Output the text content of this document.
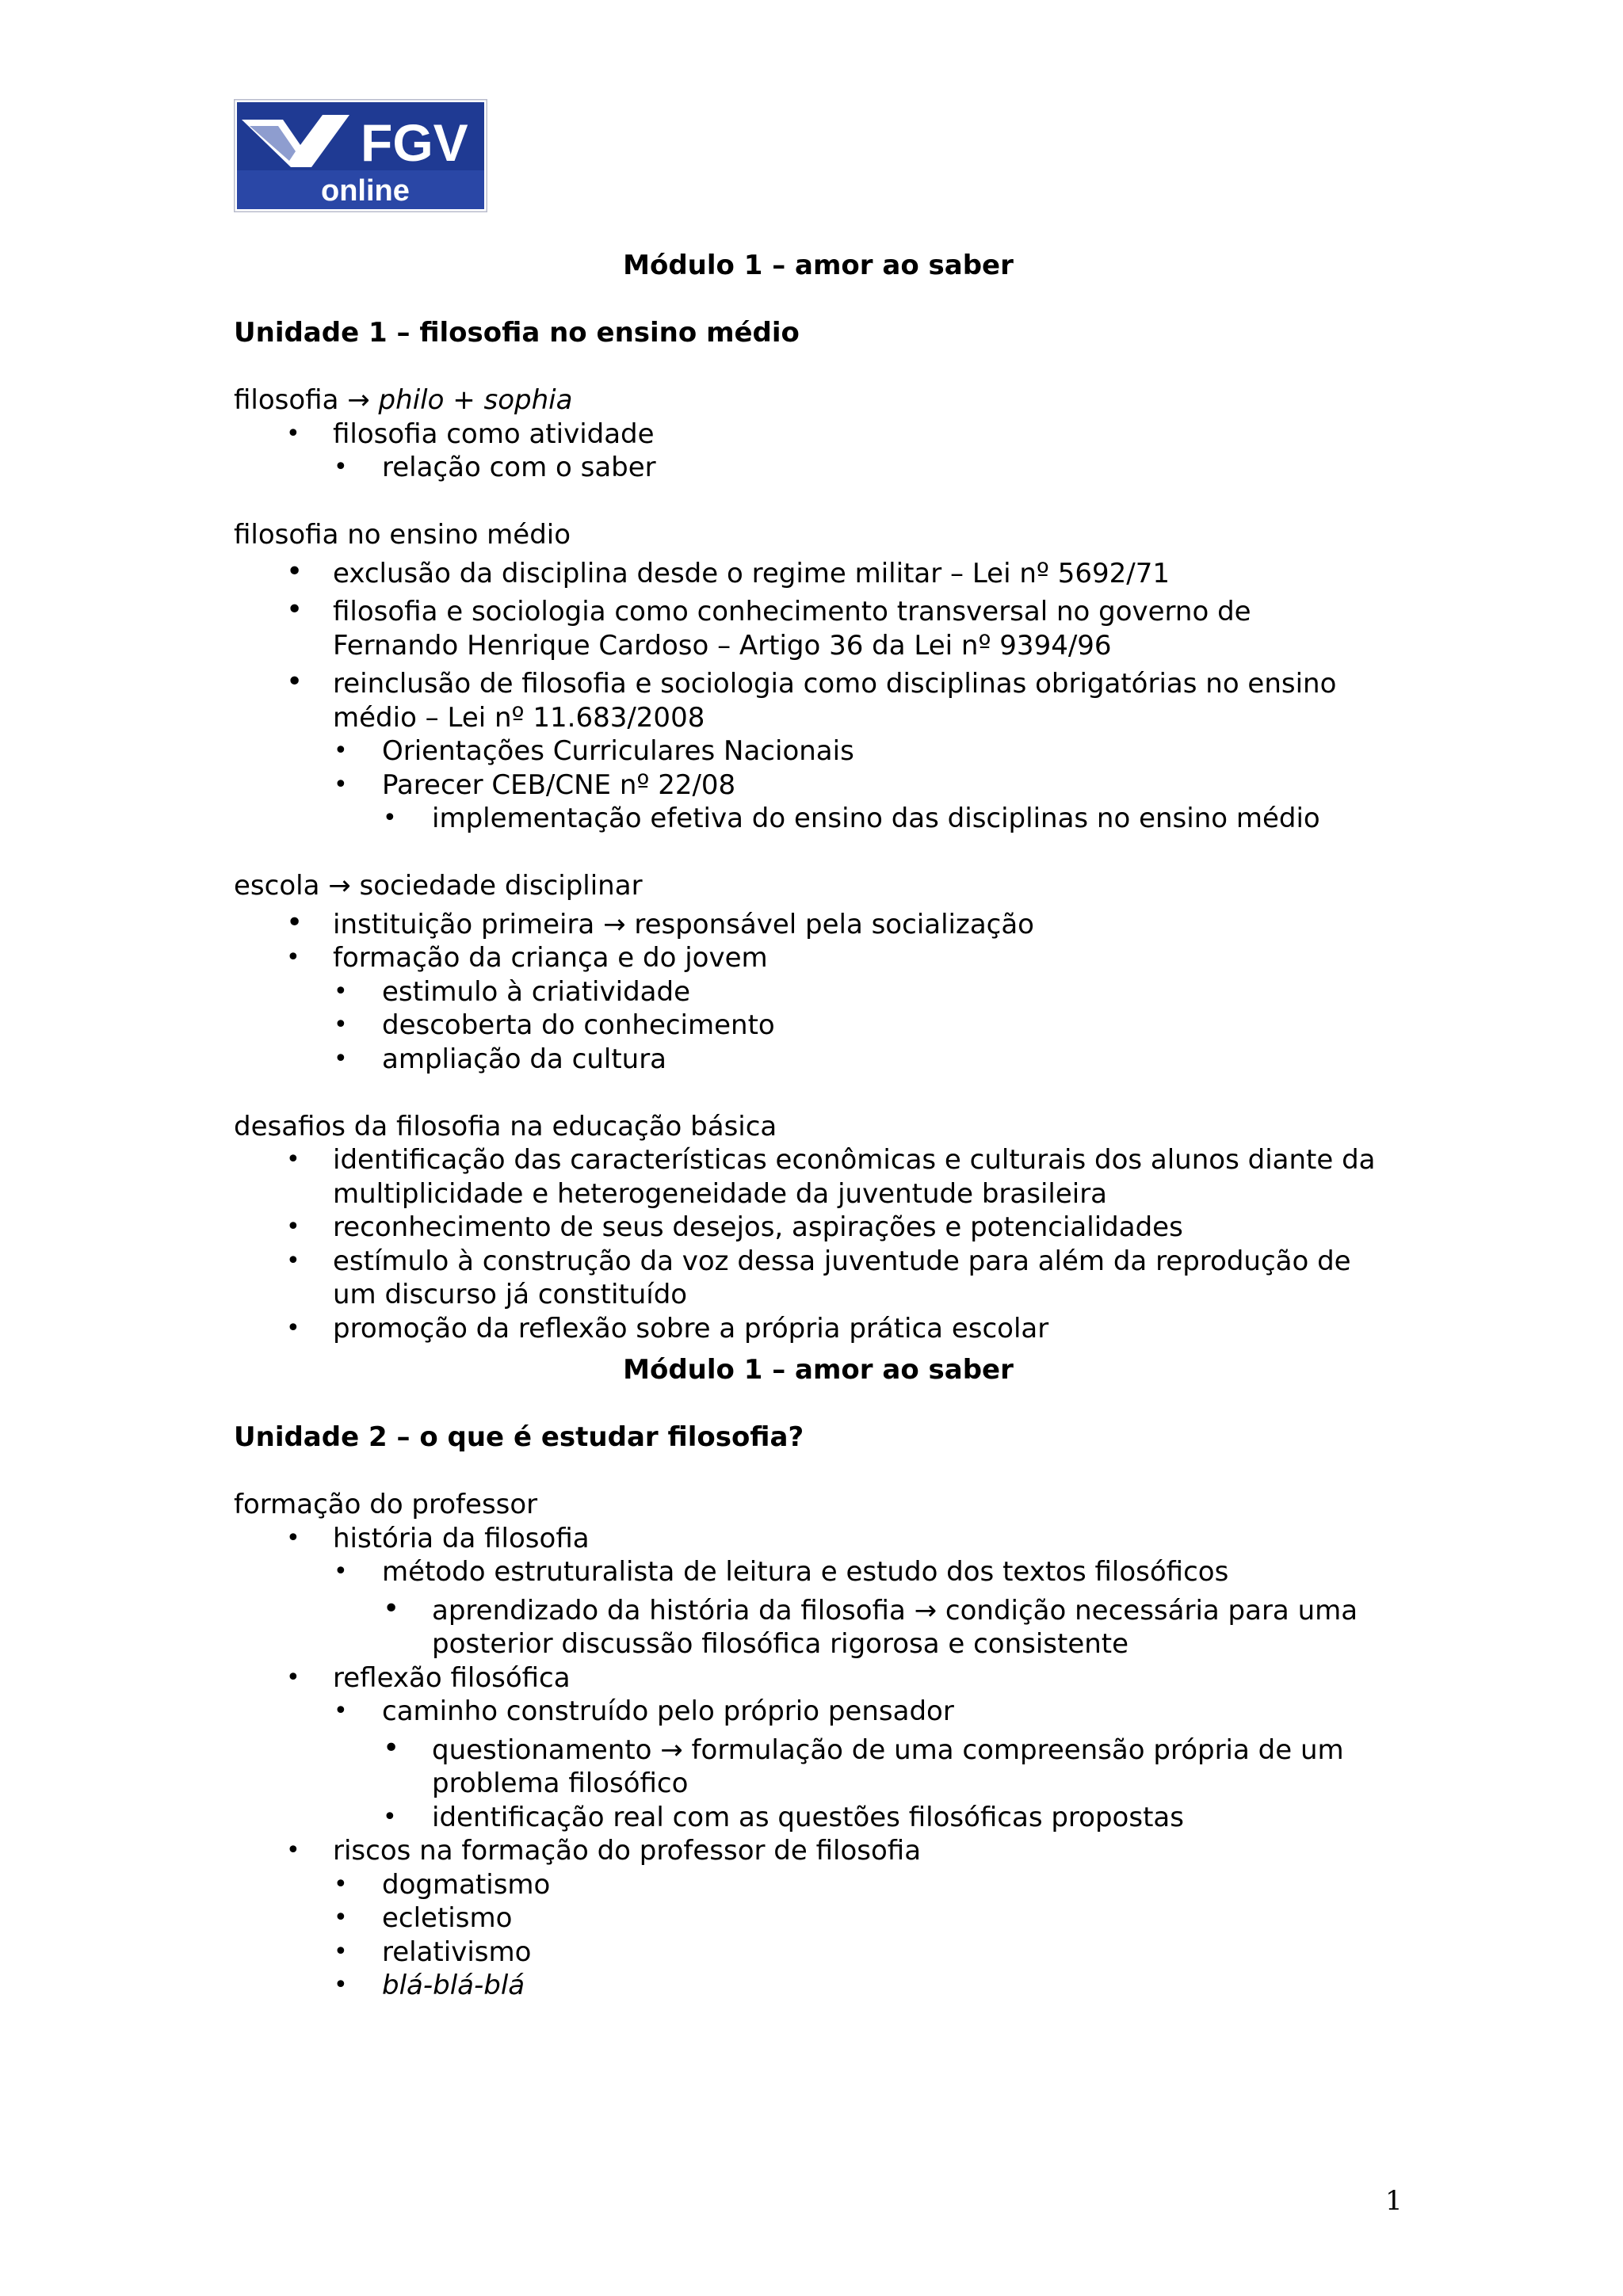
FGV
online
Módulo 1 – amor ao saber
Unidade 1 – filosofia no ensino médio
filosofia → philo + sophia
• filosofia como atividade
• relação com o saber
filosofia no ensino médio
• exclusão da disciplina desde o regime militar – Lei nº 5692/71
• filosofia e sociologia como conhecimento transversal no governo de
Fernando Henrique Cardoso – Artigo 36 da Lei nº 9394/96
• reinclusão de filosofia e sociologia como disciplinas obrigatórias no ensino
médio – Lei nº 11.683/2008
• Orientações Curriculares Nacionais
• Parecer CEB/CNE nº 22/08
• implementação efetiva do ensino das disciplinas no ensino médio
escola → sociedade disciplinar
• instituição primeira → responsável pela socialização
• formação da criança e do jovem
• estimulo à criatividade
• descoberta do conhecimento
• ampliação da cultura
desafios da filosofia na educação básica
• identificação das características econômicas e culturais dos alunos diante da
multiplicidade e heterogeneidade da juventude brasileira
• reconhecimento de seus desejos, aspirações e potencialidades
• estímulo à construção da voz dessa juventude para além da reprodução de
um discurso já constituído
• promoção da reflexão sobre a própria prática escolar
Módulo 1 – amor ao saber
Unidade 2 – o que é estudar filosofia?
formação do professor
• história da filosofia
• método estruturalista de leitura e estudo dos textos filosóficos
• aprendizado da história da filosofia → condição necessária para uma
posterior discussão filosófica rigorosa e consistente
• reflexão filosófica
• caminho construído pelo próprio pensador
• questionamento → formulação de uma compreensão própria de um
problema filosófico
• identificação real com as questões filosóficas propostas
• riscos na formação do professor de filosofia
• dogmatismo
• ecletismo
• relativismo
• blá-blá-blá
1
